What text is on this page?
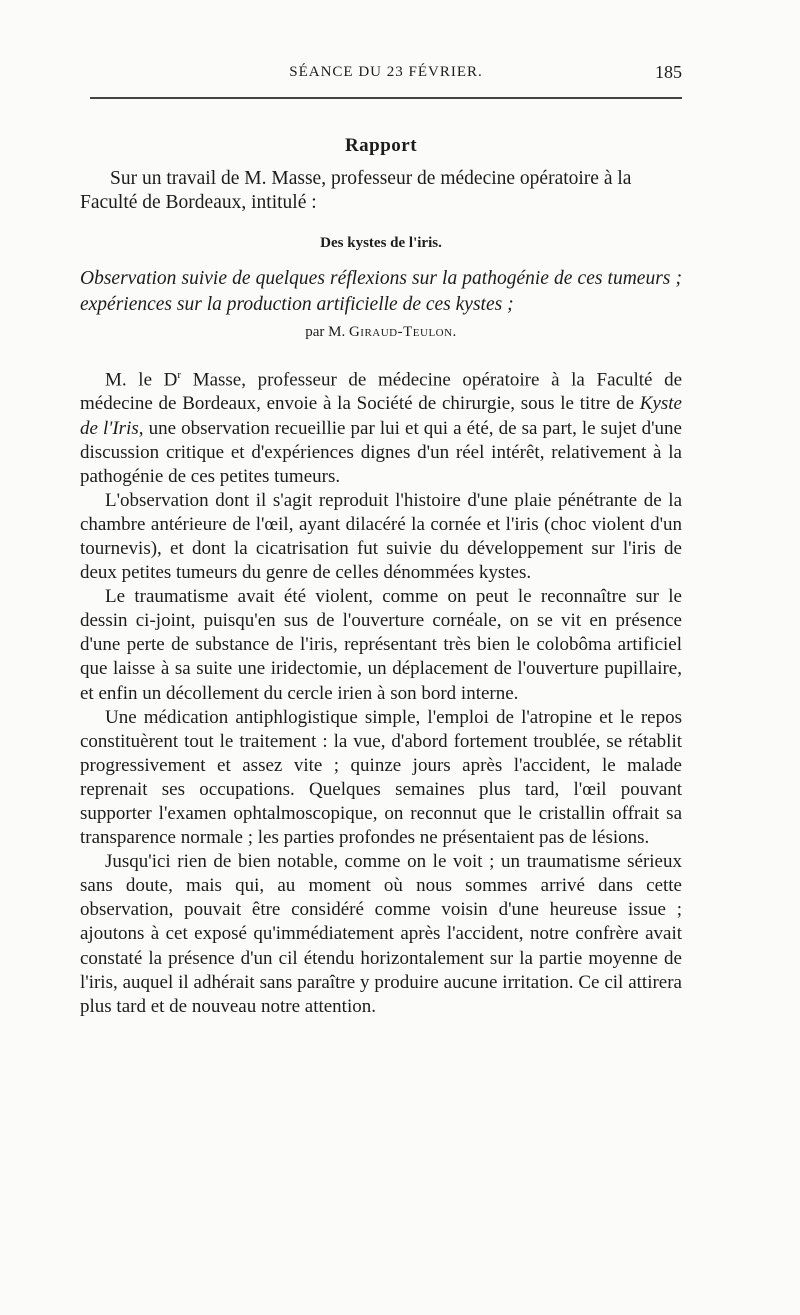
SÉANCE DU 23 FÉVRIER.	185
Rapport

Sur un travail de M. Masse, professeur de médecine opératoire à la Faculté de Bordeaux, intitulé :

Des kystes de l'iris.

Observation suivie de quelques réflexions sur la pathogénie de ces tumeurs ; expériences sur la production artificielle de ces kystes ;

par M. Giraud-Teulon.

M. le $D^r$ Masse, professeur de médecine opératoire à la Faculté de médecine de Bordeaux, envoie à la Société de chirurgie, sous le titre de Kyste de l'Iris, une observation recueillie par lui et qui a été, de sa part, le sujet d'une discussion critique et d'expériences dignes d'un réel intérêt, relativement à la pathogénie de ces petites tumeurs.

L'observation dont il s'agit reproduit l'histoire d'une plaie pénétrante de la chambre antérieure de l'œil, ayant dilacéré la cornée et l'iris (choc violent d'un tournevis), et dont la cicatrisation fut suivie du développement sur l'iris de deux petites tumeurs du genre de celles dénommées kystes.

Le traumatisme avait été violent, comme on peut le reconnaître sur le dessin ci-joint, puisqu'en sus de l'ouverture cornéale, on se vit en présence d'une perte de substance de l'iris, représentant très bien le colobôma artificiel que laisse à sa suite une iridectomie, un déplacement de l'ouverture pupillaire, et enfin un décollement du cercle irien à son bord interne.

Une médication antiphlogistique simple, l'emploi de l'atropine et le repos constituèrent tout le traitement : la vue, d'abord fortement troublée, se rétablit progressivement et assez vite ; quinze jours après l'accident, le malade reprenait ses occupations. Quelques semaines plus tard, l'œil pouvant supporter l'examen ophtalmoscopique, on reconnut que le cristallin offrait sa transparence normale ; les parties profondes ne présentaient pas de lésions.

Jusqu'ici rien de bien notable, comme on le voit ; un traumatisme sérieux sans doute, mais qui, au moment où nous sommes arrivé dans cette observation, pouvait être considéré comme voisin d'une heureuse issue ; ajoutons à cet exposé qu'immédiatement après l'accident, notre confrère avait constaté la présence d'un cil étendu horizontalement sur la partie moyenne de l'iris, auquel il adhérait sans paraître y produire aucune irritation. Ce cil attirera plus tard et de nouveau notre attention.
